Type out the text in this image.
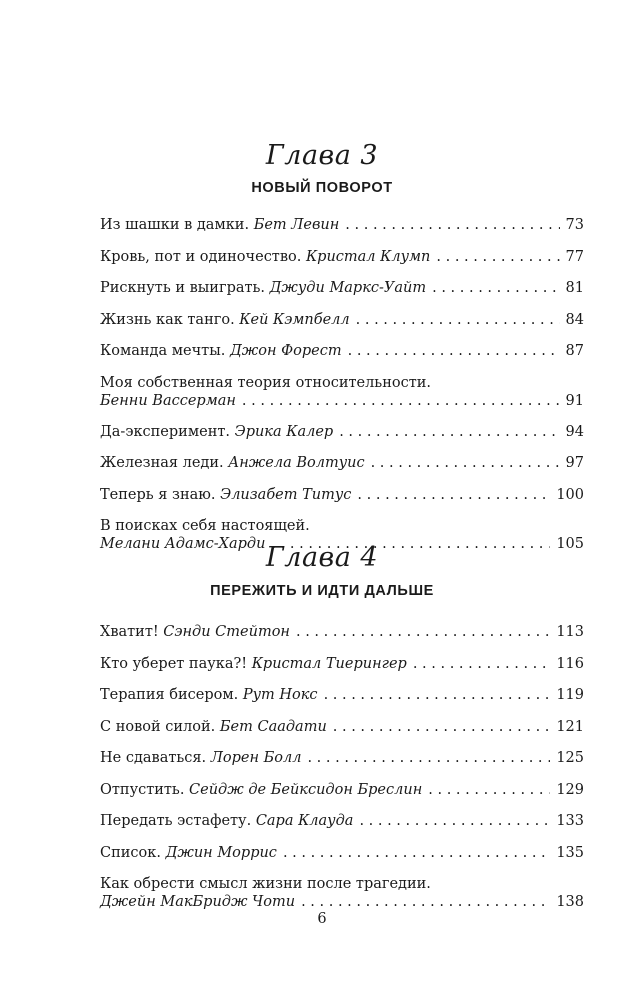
Глава 3
НОВЫЙ ПОВОРОТ
Из шашки в дамки. Бет Левин . . .	73
Кровь, пот и одиночество. Кристал Клумп . . .	77
Рискнуть и выиграть. Джуди Маркс-Уайт . . .	81
Жизнь как танго. Кей Кэмпбелл . . .	84
Команда мечты. Джон Форест . . .	87
Моя собственная теория относительности.
Бенни Вассерман . . .	91
Да-эксперимент. Эрика Калер . . .	94
Железная леди. Анжела Волтуис . . .	97
Теперь я знаю. Элизабет Титус . . .	100
В поисках себя настоящей.
Мелани Адамс-Харди . . .	105
Глава 4
ПЕРЕЖИТЬ И ИДТИ ДАЛЬШЕ
Хватит! Сэнди Стейтон . . .	113
Кто уберет паука?! Кристал Тиерингер . . .	116
Терапия бисером. Рут Нокс . . .	119
С новой силой. Бет Саадати . . .	121
Не сдаваться. Лорен Болл . . .	125
Отпустить. Сейдж де Бейксидон Бреслин . . .	129
Передать эстафету. Сара Клауда . . .	133
Список. Джин Моррис . . .	135
Как обрести смысл жизни после трагедии.
Джейн МакБридж Чоти . . .	138
6
